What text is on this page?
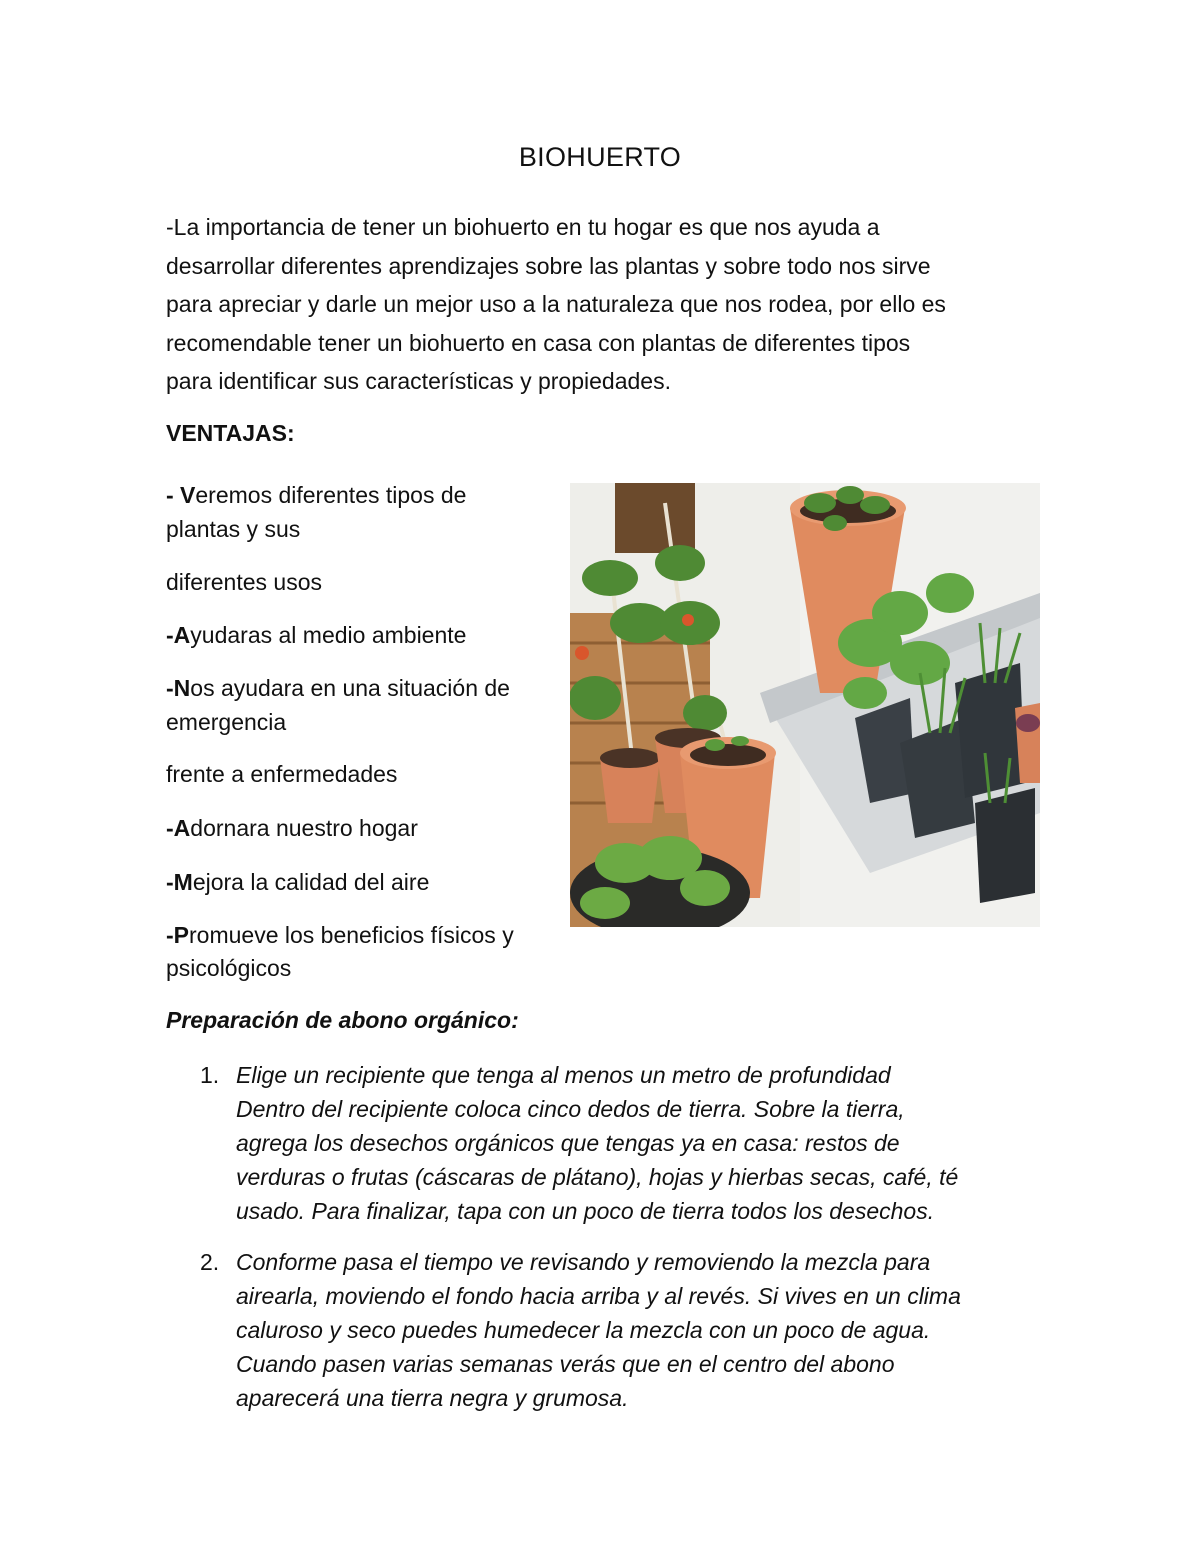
BIOHUERTO

-La importancia de tener un biohuerto en tu hogar es que nos ayuda a
desarrollar diferentes aprendizajes sobre las plantas y sobre todo nos sirve
para apreciar y darle un mejor uso a la naturaleza que nos rodea, por ello es
recomendable tener un biohuerto en casa con plantas de diferentes tipos
para identificar sus características y propiedades.

VENTAJAS:
- Veremos diferentes tipos de
plantas y sus
diferentes usos
-Ayudaras al medio ambiente
-Nos ayudara en una situación de
emergencia
frente a enfermedades
-Adornara nuestro hogar
-Mejora la calidad del aire
-Promueve los beneficios físicos y
psicológicos
Preparación de abono orgánico:
1. Elige un recipiente que tenga al menos un metro de profundidad
Dentro del recipiente coloca cinco dedos de tierra. Sobre la tierra,
agrega los desechos orgánicos que tengas ya en casa: restos de
verduras o frutas (cáscaras de plátano), hojas y hierbas secas, café, té
usado. Para finalizar, tapa con un poco de tierra todos los desechos.
2. Conforme pasa el tiempo ve revisando y removiendo la mezcla para
airearla, moviendo el fondo hacia arriba y al revés. Si vives en un clima
caluroso y seco puedes humedecer la mezcla con un poco de agua.
Cuando pasen varias semanas verás que en el centro del abono
aparecerá una tierra negra y grumosa.
